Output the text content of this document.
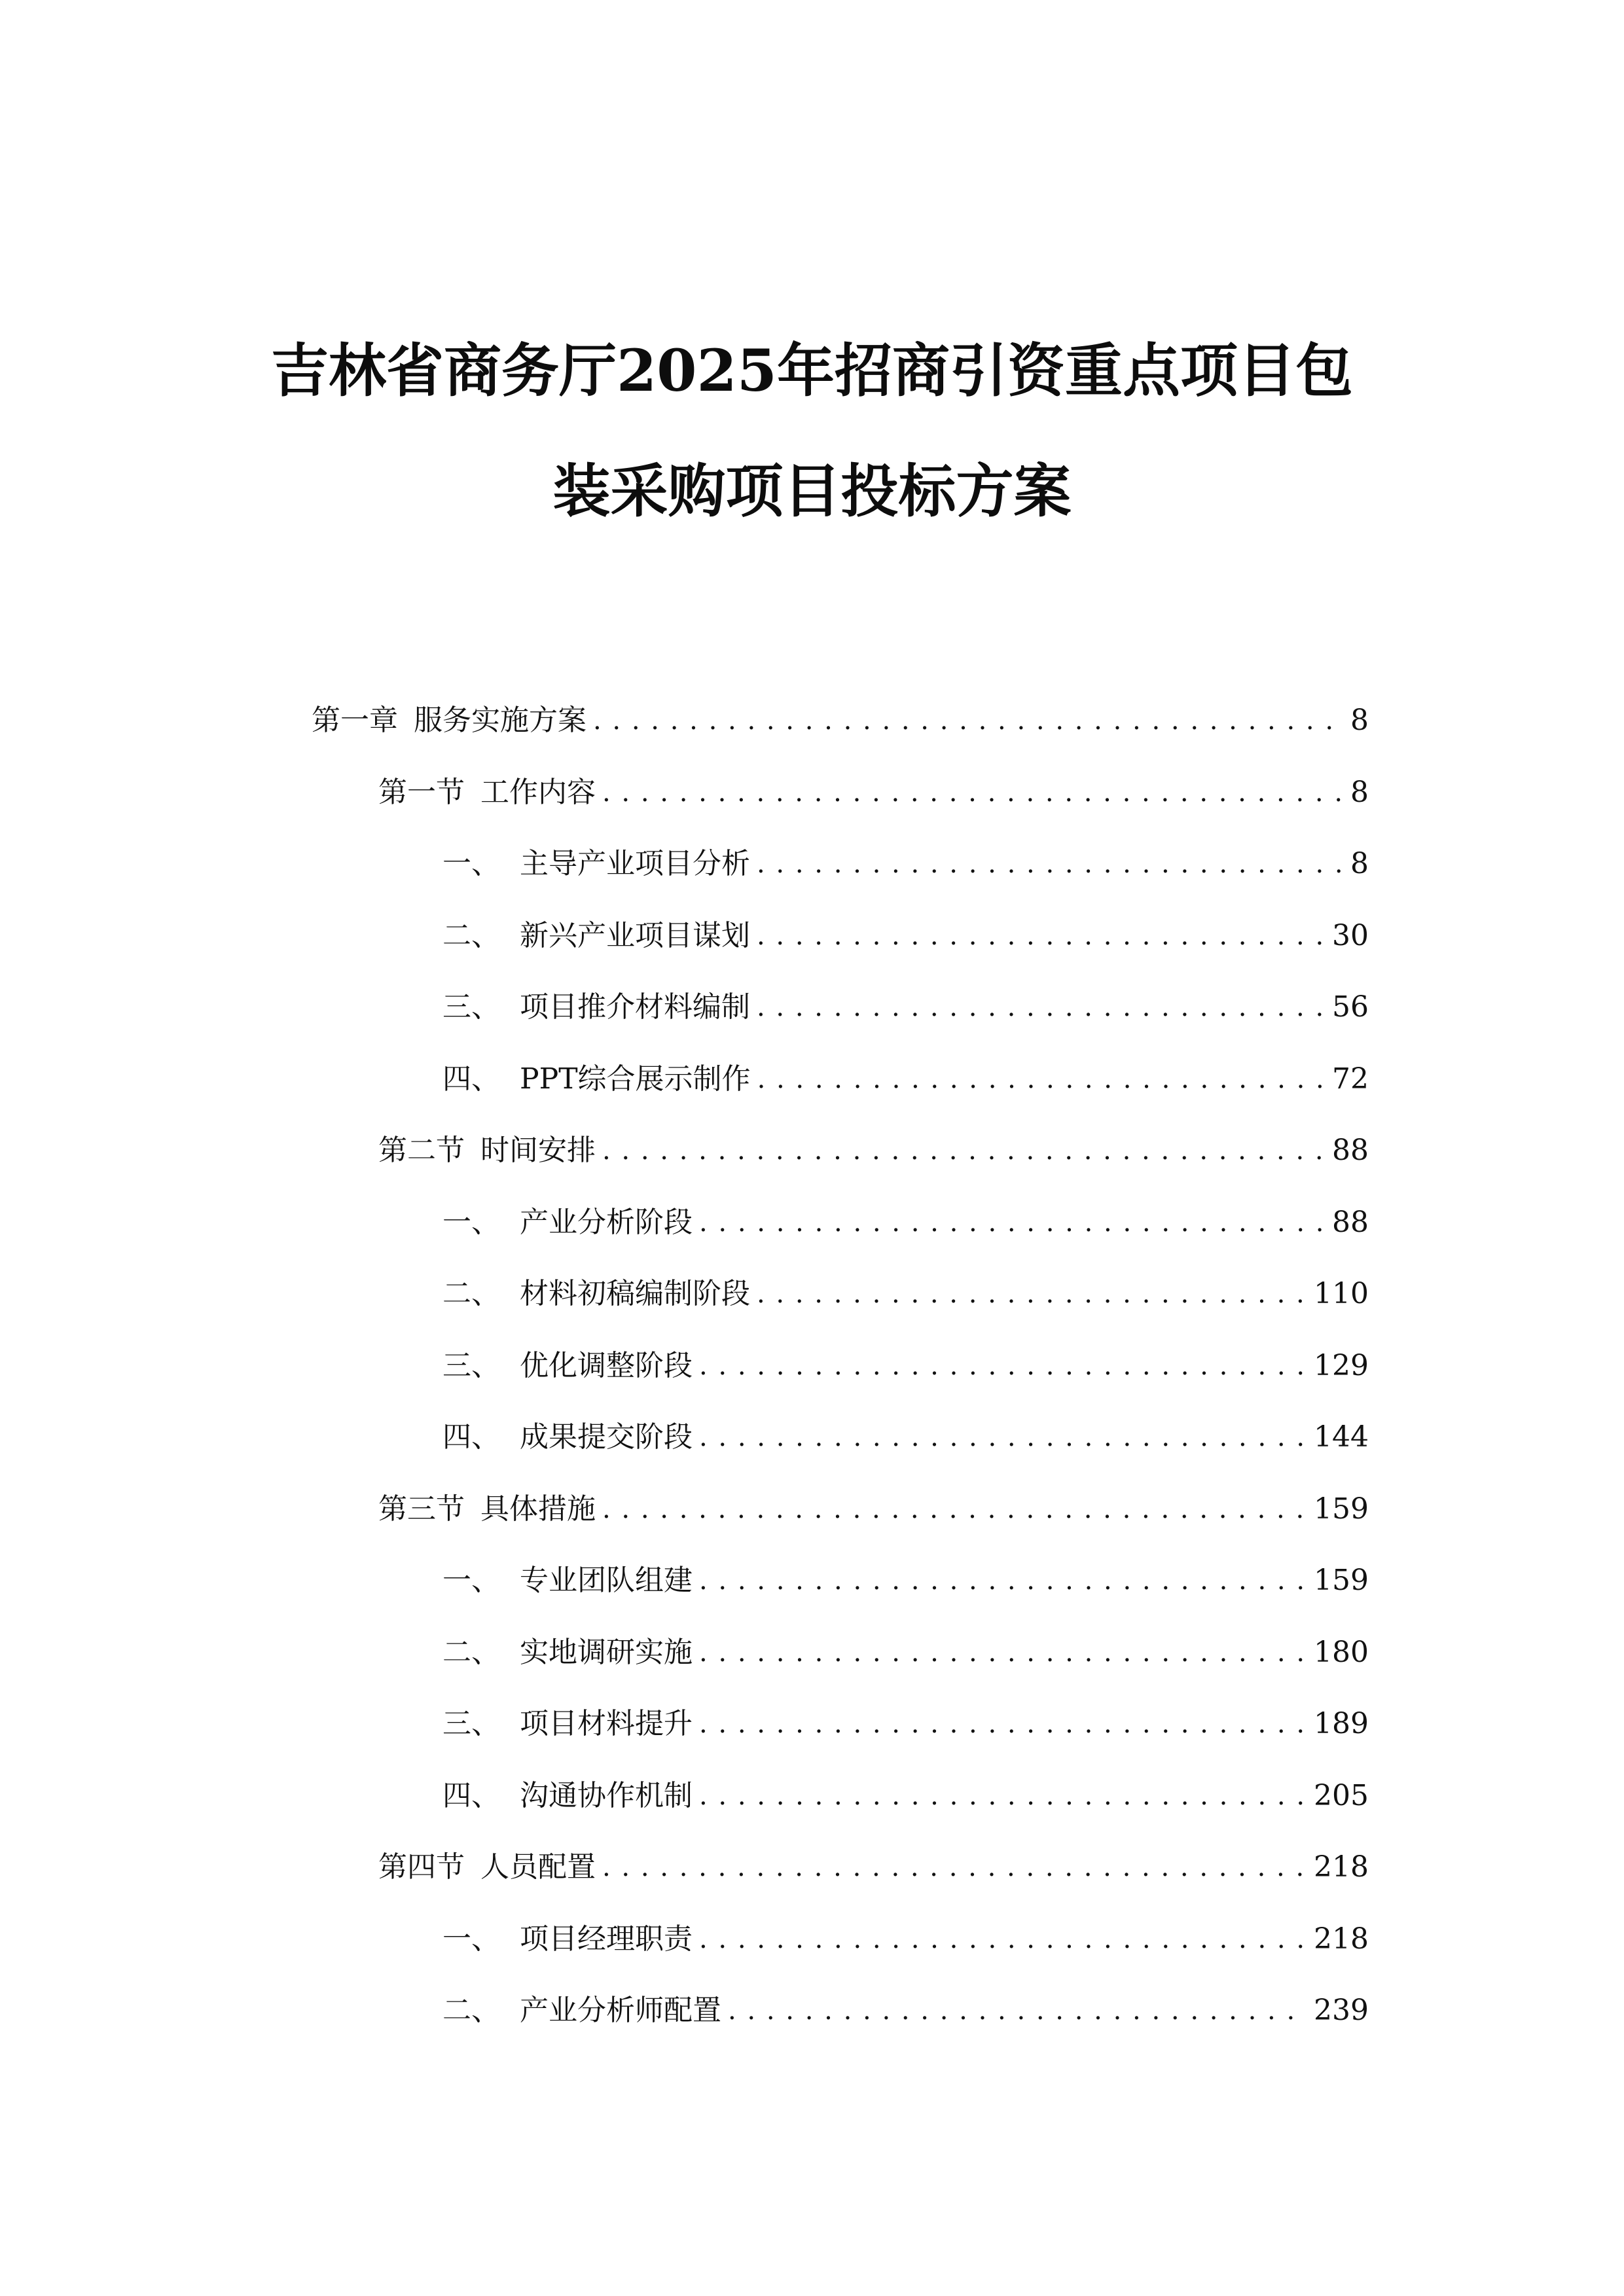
吉林省商务厅2025年招商引资重点项目包
装采购项目投标方案
第一章 服务实施方案 . . .	8
第一节 工作内容 . . .	8
一、 主导产业项目分析 . . .	8
二、 新兴产业项目谋划 . . .	30
三、 项目推介材料编制 . . .	56
四、 PPT综合展示制作 . . .	72
第二节 时间安排 . . .	88
一、 产业分析阶段 . . .	88
二、 材料初稿编制阶段 . . .	110
三、 优化调整阶段 . . .	129
四、 成果提交阶段 . . .	144
第三节 具体措施 . . .	159
一、 专业团队组建 . . .	159
二、 实地调研实施 . . .	180
三、 项目材料提升 . . .	189
四、 沟通协作机制 . . .	205
第四节 人员配置 . . .	218
一、 项目经理职责 . . .	218
二、 产业分析师配置 . . .	239
